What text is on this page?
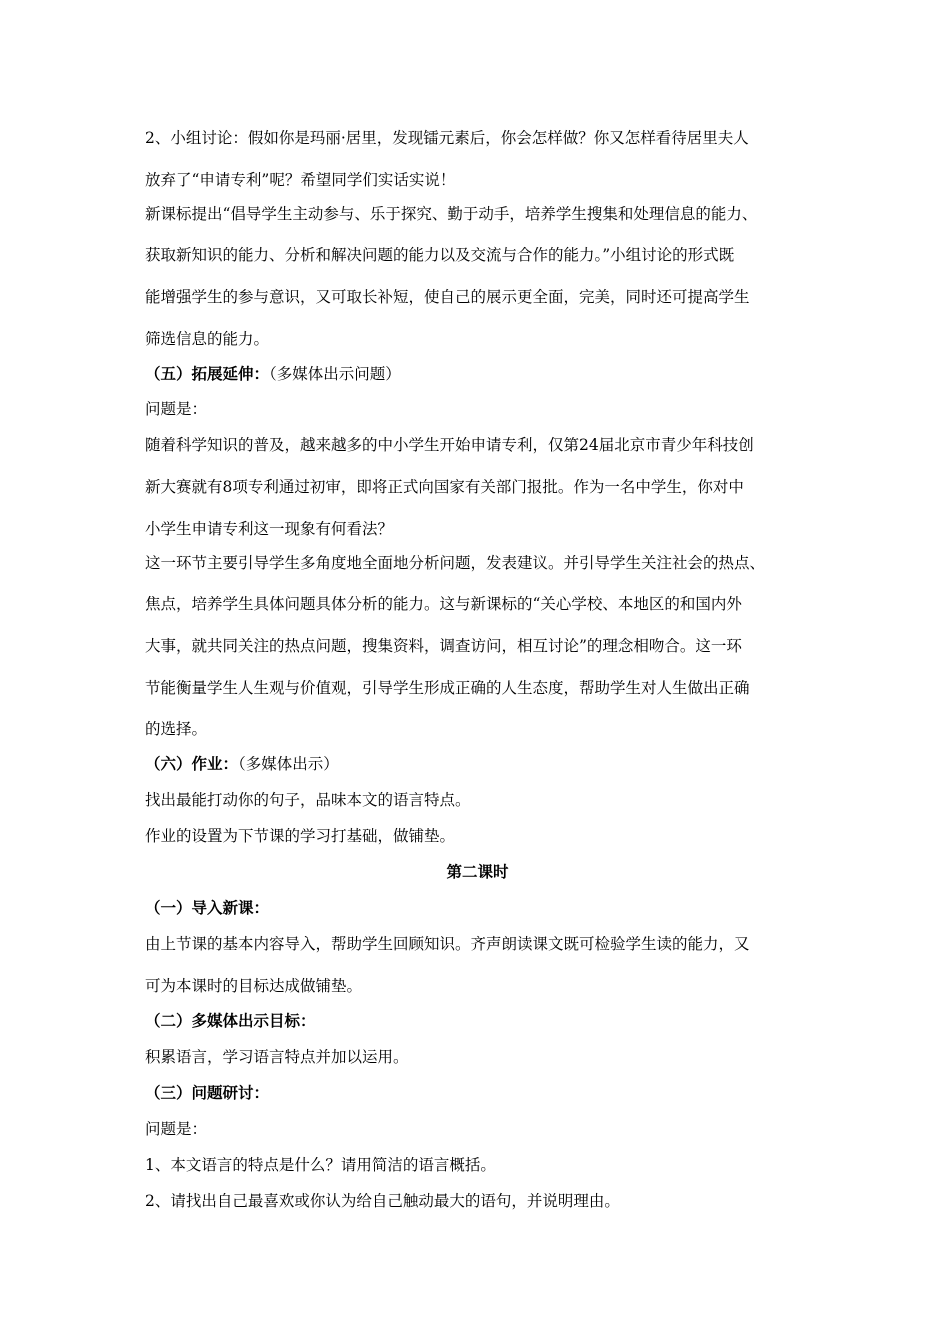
2、小组讨论：假如你是玛丽·居里，发现镭元素后，你会怎样做？你又怎样看待居里夫人
放弃了“申请专利”呢？希望同学们实话实说！
新课标提出“倡导学生主动参与、乐于探究、勤于动手，培养学生搜集和处理信息的能力、
获取新知识的能力、分析和解决问题的能力以及交流与合作的能力。”小组讨论的形式既
能增强学生的参与意识，又可取长补短，使自己的展示更全面，完美，同时还可提高学生
筛选信息的能力。
（五）拓展延伸：（多媒体出示问题）
问题是：
随着科学知识的普及，越来越多的中小学生开始申请专利，仅第24届北京市青少年科技创
新大赛就有8项专利通过初审，即将正式向国家有关部门报批。作为一名中学生，你对中
小学生申请专利这一现象有何看法？
这一环节主要引导学生多角度地全面地分析问题，发表建议。并引导学生关注社会的热点、
焦点，培养学生具体问题具体分析的能力。这与新课标的“关心学校、本地区的和国内外
大事，就共同关注的热点问题，搜集资料，调查访问，相互讨论”的理念相吻合。这一环
节能衡量学生人生观与价值观，引导学生形成正确的人生态度，帮助学生对人生做出正确
的选择。
（六）作业：（多媒体出示）
找出最能打动你的句子，品味本文的语言特点。
作业的设置为下节课的学习打基础，做铺垫。
第二课时
（一）导入新课：
由上节课的基本内容导入，帮助学生回顾知识。齐声朗读课文既可检验学生读的能力，又
可为本课时的目标达成做铺垫。
（二）多媒体出示目标：
积累语言，学习语言特点并加以运用。
（三）问题研讨：
问题是：
1、本文语言的特点是什么？请用简洁的语言概括。
2、请找出自己最喜欢或你认为给自己触动最大的语句，并说明理由。
